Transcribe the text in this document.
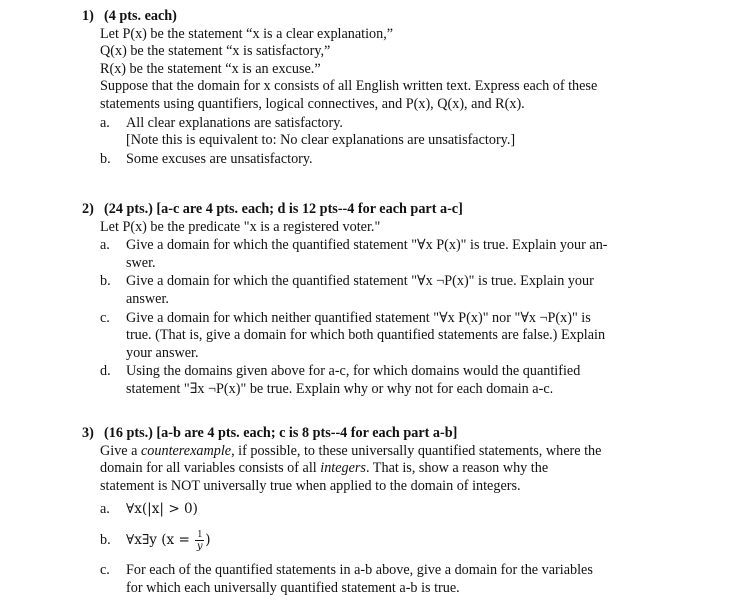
1) (4 pts. each)
Let P(x) be the statement “x is a clear explanation,”
Q(x) be the statement “x is satisfactory,”
R(x) be the statement “x is an excuse.”
Suppose that the domain for x consists of all English written text. Express each of these
statements using quantifiers, logical connectives, and P(x), Q(x), and R(x).
a.	All clear explanations are satisfactory.
[Note this is equivalent to: No clear explanations are unsatisfactory.]
b.	Some excuses are unsatisfactory.
2) (24 pts.) [a-c are 4 pts. each; d is 12 pts--4 for each part a-c]
Let P(x) be the predicate "x is a registered voter."
a.	Give a domain for which the quantified statement "∀x P(x)" is true. Explain your an-
swer.
b.	Give a domain for which the quantified statement "∀x ¬P(x)" is true. Explain your
answer.
c.	Give a domain for which neither quantified statement "∀x P(x)" nor "∀x ¬P(x)" is
true. (That is, give a domain for which both quantified statements are false.) Explain
your answer.
d.	Using the domains given above for a-c, for which domains would the quantified
statement "∃x ¬P(x)" be true. Explain why or why not for each domain a-c.
3) (16 pts.) [a-b are 4 pts. each; c is 8 pts--4 for each part a-b]
Give a counterexample, if possible, to these universally quantified statements, where the
domain for all variables consists of all integers. That is, show a reason why the
statement is NOT universally true when applied to the domain of integers.
a.	∀x(|x| > 0)
b.	∀x∃y ($x = \frac{1}{y}$ )
c.	For each of the quantified statements in a-b above, give a domain for the variables
for which each universally quantified statement a-b is true.
